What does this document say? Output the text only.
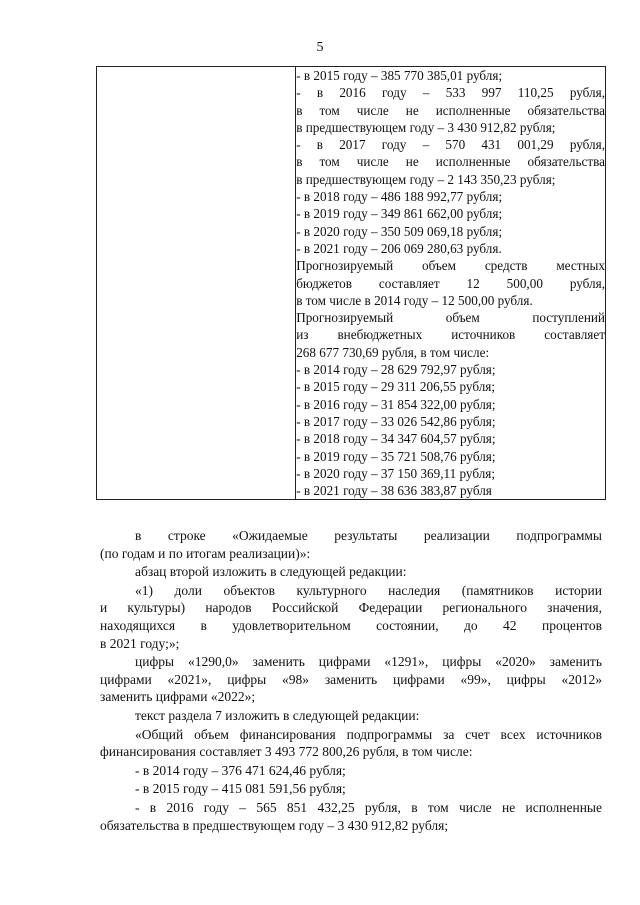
5

- в 2015 году – 385 770 385,01 рубля;
- в 2016 году – 533 997 110,25 рубля,
в том числе не исполненные обязательства
в предшествующем году – 3 430 912,82 рубля;
- в 2017 году – 570 431 001,29 рубля,
в том числе не исполненные обязательства
в предшествующем году – 2 143 350,23 рубля;
- в 2018 году – 486 188 992,77 рубля;
- в 2019 году – 349 861 662,00 рубля;
- в 2020 году – 350 509 069,18 рубля;
- в 2021 году – 206 069 280,63 рубля.
Прогнозируемый объем средств местных
бюджетов составляет 12 500,00 рубля,
в том числе в 2014 году – 12 500,00 рубля.
Прогнозируемый объем поступлений
из внебюджетных источников составляет
268 677 730,69 рубля, в том числе:
- в 2014 году – 28 629 792,97 рубля;
- в 2015 году – 29 311 206,55 рубля;
- в 2016 году – 31 854 322,00 рубля;
- в 2017 году – 33 026 542,86 рубля;
- в 2018 году – 34 347 604,57 рубля;
- в 2019 году – 35 721 508,76 рубля;
- в 2020 году – 37 150 369,11 рубля;
- в 2021 году – 38 636 383,87 рубля
в строке «Ожидаемые результаты реализации подпрограммы
(по годам и по итогам реализации)»:
абзац второй изложить в следующей редакции:
«1) доли объектов культурного наследия (памятников истории
и культуры) народов Российской Федерации регионального значения,
находящихся в удовлетворительном состоянии, до 42 процентов
в 2021 году;»;
цифры «1290,0» заменить цифрами «1291», цифры «2020» заменить
цифрами «2021», цифры «98» заменить цифрами «99», цифры «2012»
заменить цифрами «2022»;
текст раздела 7 изложить в следующей редакции:
«Общий объем финансирования подпрограммы за счет всех источников
финансирования составляет 3 493 772 800,26 рубля, в том числе:
- в 2014 году – 376 471 624,46 рубля;
- в 2015 году – 415 081 591,56 рубля;
- в 2016 году – 565 851 432,25 рубля, в том числе не исполненные
обязательства в предшествующем году – 3 430 912,82 рубля;
